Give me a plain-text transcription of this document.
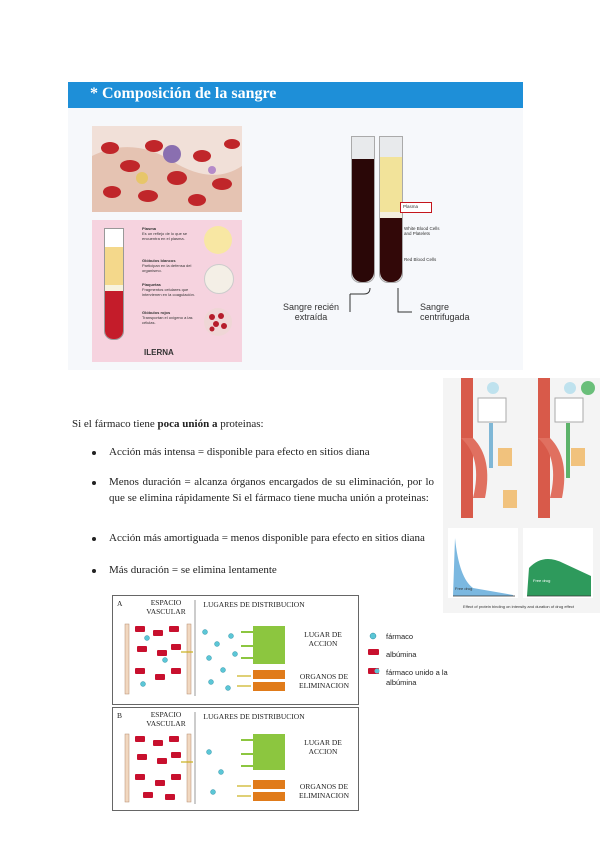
* Composición de la sangre
Plasma
Es un reflejo de lo que se encuentra en el plasma.
Glóbulos blancos
Participan en la defensa del organismo.
Plaquetas
Fragmentos celulares que intervienen en la coagulación.
Glóbulos rojos
Transportan el oxígeno a las células.
ILERNA
Plasma
White Blood Cells and Platelets
Red Blood Cells
Sangre recién extraída
Sangre centrifugada
Si el fármaco tiene poca unión a proteinas:
Acción más intensa = disponible para efecto en sitios diana
Menos duración = alcanza órganos encargados de su eliminación, por lo que se elimina rápidamente Si el fármaco tiene mucha unión a proteinas:
Acción más amortiguada = menos disponible para efecto en sitios diana
Más duración = se elimina lentamente
Free drug
Free drug
Effect of protein binding on intensity and duration of drug effect
A	ESPACIO VASCULAR
LUGARES DE DISTRIBUCION
LUGAR DE ACCION
ORGANOS DE ELIMINACION
B	ESPACIO VASCULAR
LUGARES DE DISTRIBUCION
LUGAR DE ACCION
ORGANOS DE ELIMINACION
fármaco
albúmina
fármaco unido a la albúmina
